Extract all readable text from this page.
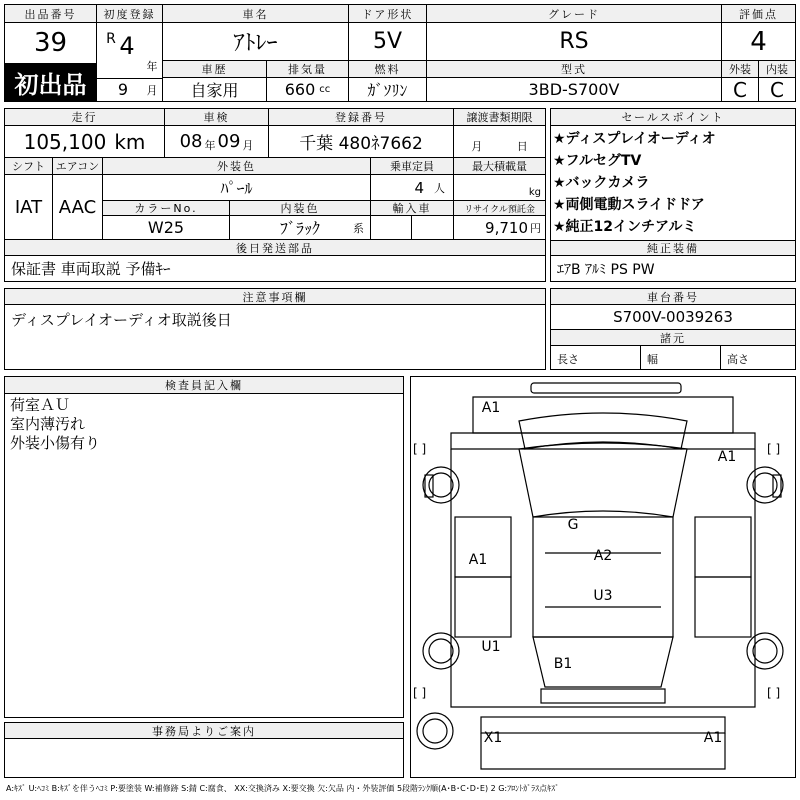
出品番号
39
初出品
初度登録
R 4
年
9	月
車名
ｱﾄﾚｰ
ドア形状
5V
グレード
RS
評価点
4
外装	内装
C	C
車歴
自家用
排気量
660 cc
燃料
ｶﾞｿﾘﾝ
型式
3BD-S700V
走行
105,100 km
車検
08 年 09 月
登録番号
千葉 480ﾈ7662
譲渡書類期限
月	日
シフト
IAT
エアコン
AAC
外装色
ﾊﾟｰﾙ
カラーNo.
W25
内装色
ﾌﾞﾗｯｸ	系
乗車定員
4 人
最大積載量
kg
輸入車	リサイクル預託金
9,710 円
後日発送部品
保証書 車両取説 予備ｷｰ
セールスポイント
★ディスプレイオーディオ
★フルセグTV
★バックカメラ
★両側電動スライドドア
★純正12インチアルミ
純正装備
ｴｱB ｱﾙﾐ PS PW
注意事項欄
ディスプレイオーディオ取説後日
車台番号
S700V-0039263
諸元
長さ	幅	高さ
検査員記入欄
荷室ＡＵ
室内薄汚れ
外装小傷有り
事務局よりご案内
[ ]	[ ]
[ ]	[ ]
A1
A1
G
A2
A1
U3
U1
B1
X1	A1
A:ｷｽﾞ U:ﾍｺﾐ B:ｷｽﾞを伴うﾍｺﾐ P:要塗装 W:補修跡 S:錆 C:腐食、 XX:交換済み X:要交換 欠:欠品 内・外装評価 5段階ﾗﾝｸ順(A･B･C･D･E) 2 G:ﾌﾛﾝﾄｶﾞﾗｽ点ｷｽﾞ
